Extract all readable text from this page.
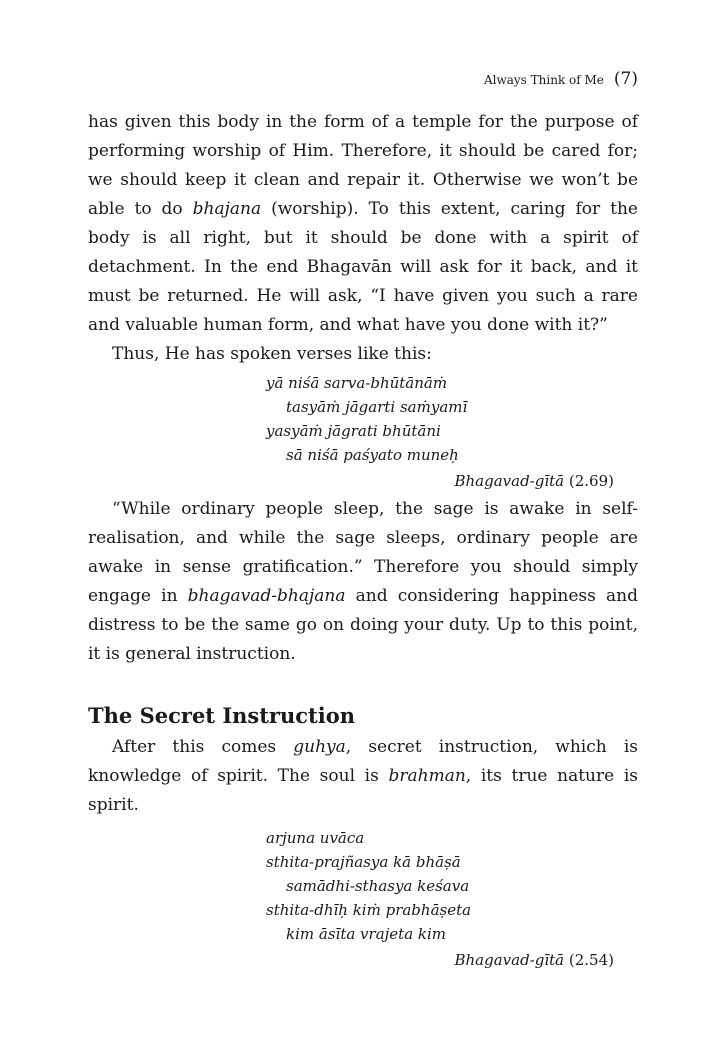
Always Think of Me (7)

has given this body in the form of a temple for the purpose of performing worship of Him. Therefore, it should be cared for; we should keep it clean and repair it. Otherwise we won’t be able to do bhajana (worship). To this extent, caring for the body is all right, but it should be done with a spirit of detachment. In the end Bhagavān will ask for it back, and it must be returned. He will ask, “I have given you such a rare and valuable human form, and what have you done with it?”

Thus, He has spoken verses like this:

yā niśā sarva-bhūtānāṁ
tasyāṁ jāgarti saṁyamī
yasyāṁ jāgrati bhūtāni
sā niśā paśyato muneḥ
Bhagavad-gītā (2.69)

“While ordinary people sleep, the sage is awake in self-realisation, and while the sage sleeps, ordinary people are awake in sense gratification.” Therefore you should simply engage in bhagavad-bhajana and considering happiness and distress to be the same go on doing your duty. Up to this point, it is general instruction.

The Secret Instruction

After this comes guhya, secret instruction, which is knowledge of spirit. The soul is brahman, its true nature is spirit.

arjuna uvāca
sthita-prajñasya kā bhāṣā
samādhi-sthasya keśava
sthita-dhīḥ kiṁ prabhāṣeta
kim āsīta vrajeta kim
Bhagavad-gītā (2.54)
